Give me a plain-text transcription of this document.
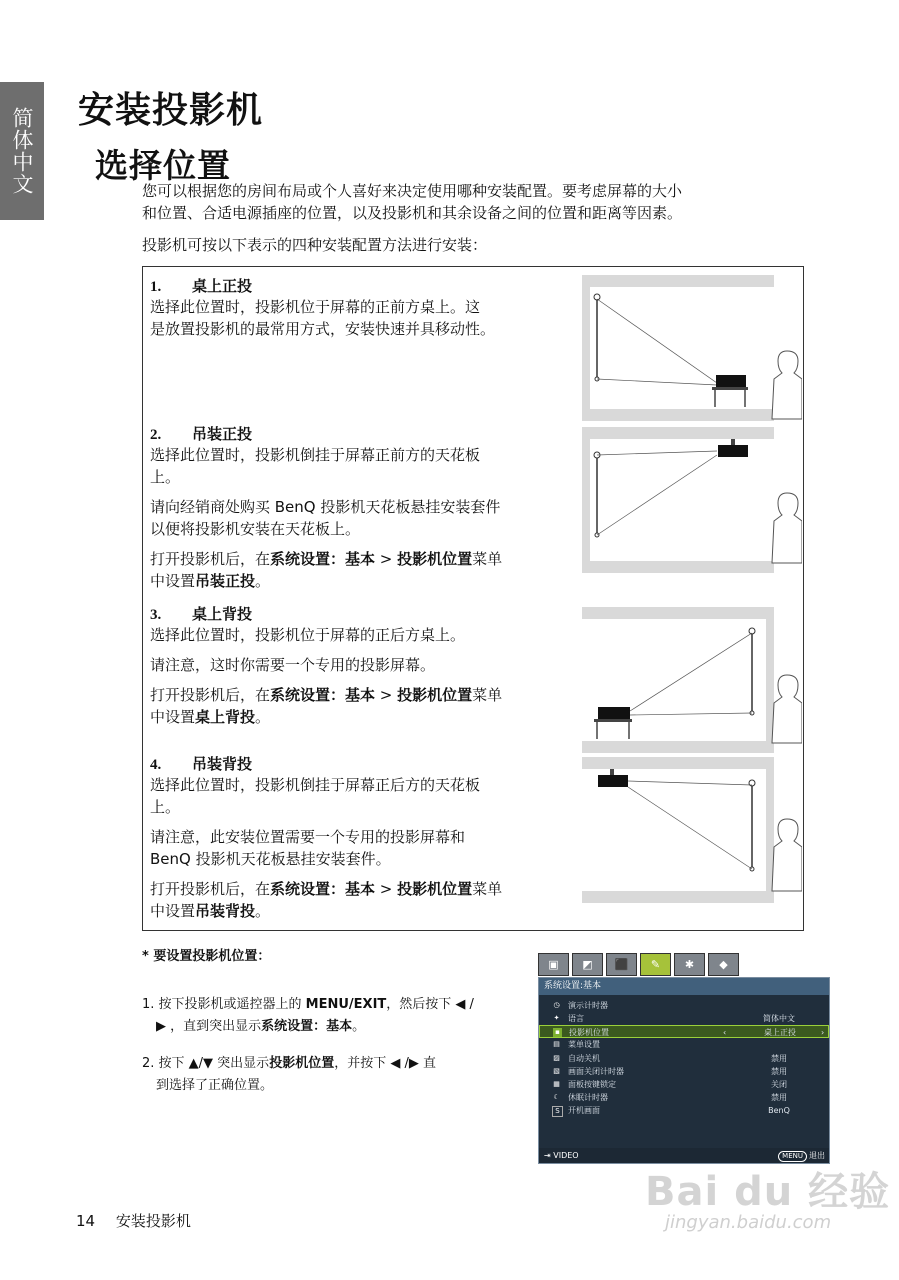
简体中文 安装投影机
选择位置
您可以根据您的房间布局或个人喜好来决定使用哪种安装配置。要考虑屏幕的大小
和位置、合适电源插座的位置，以及投影机和其余设备之间的位置和距离等因素。
投影机可按以下表示的四种安装配置方法进行安装：
1. 桌上正投
选择此位置时，投影机位于屏幕的正前方桌上。这
是放置投影机的最常用方式，安装快速并具移动性。
2. 吊装正投
选择此位置时，投影机倒挂于屏幕正前方的天花板
上。
请向经销商处购买 BenQ 投影机天花板悬挂安装套件
以便将投影机安装在天花板上。
打开投影机后，在系统设置：基本 > 投影机位置菜单
中设置吊装正投。
3. 桌上背投
选择此位置时，投影机位于屏幕的正后方桌上。
请注意，这时你需要一个专用的投影屏幕。
打开投影机后，在系统设置：基本 > 投影机位置菜单
中设置桌上背投。
4. 吊装背投
选择此位置时，投影机倒挂于屏幕正后方的天花板
上。
请注意，此安装位置需要一个专用的投影屏幕和
BenQ 投影机天花板悬挂安装套件。
打开投影机后，在系统设置：基本 > 投影机位置菜单
中设置吊装背投。
* 要设置投影机位置：
1. 按下投影机或遥控器上的 MENU/EXIT，然后按下 ◀ /
▶ ，直到突出显示系统设置：基本。
2. 按下 ▲/▼ 突出显示投影机位置，并按下 ◀ /▶ 直
到选择了正确位置。
▣	◩	⬛	✎	✱	◆
系统设置:基本
◷ 演示计时器
✦ 语言	简体中文
▪ 投影机位置	‹	桌上正投	›
▤ 菜单设置
▨ 自动关机	禁用
▧ 画面关闭计时器	禁用
▦ 面板按键锁定	关闭
☾ 休眠计时器	禁用
S	开机画面	BenQ
⇥ VIDEO	MENU 退出
14 安装投影机
Bai du 经验
jingyan.baidu.com
